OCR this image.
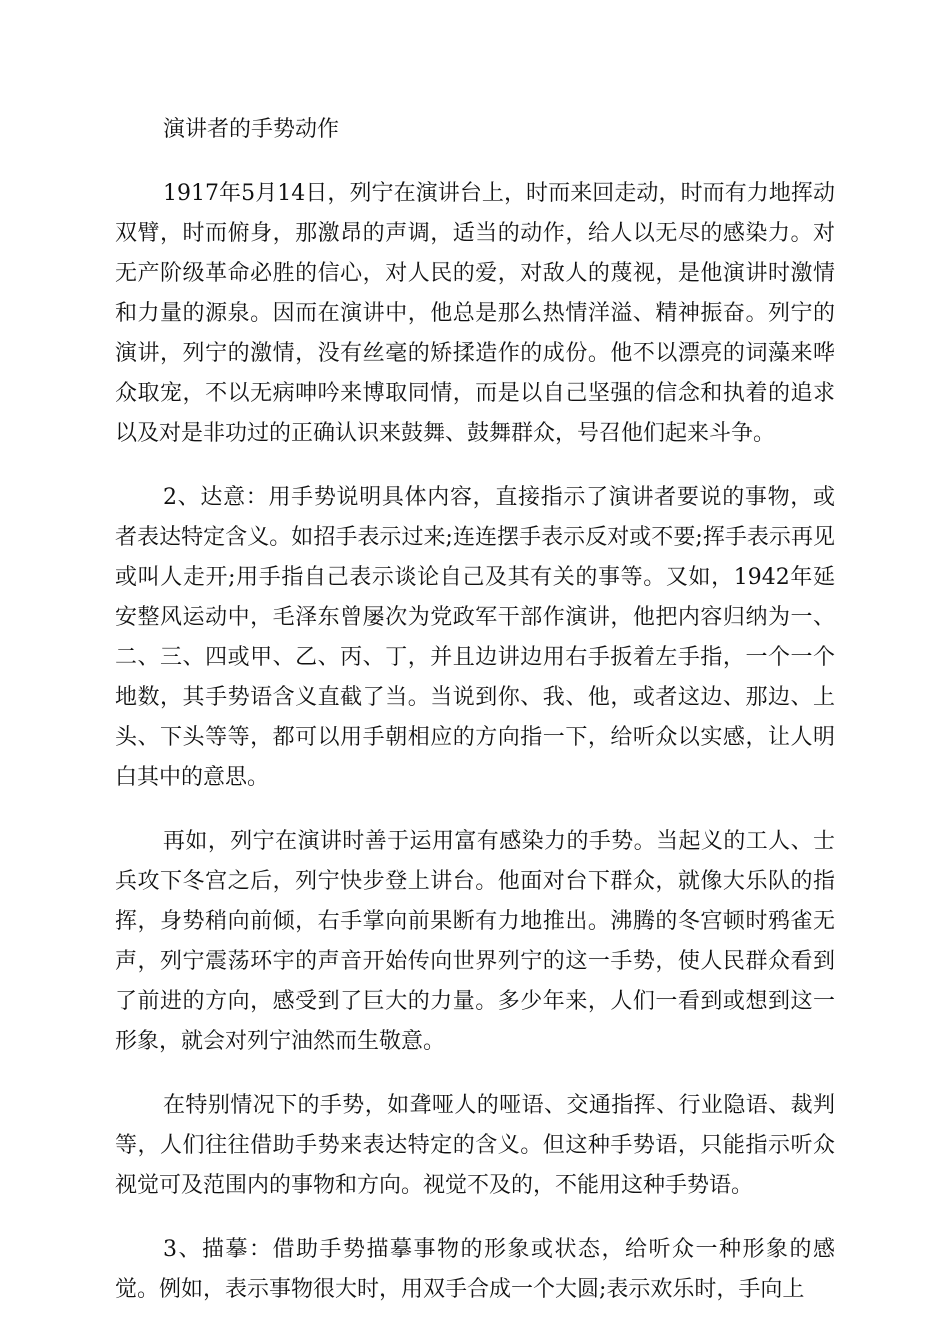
演讲者的手势动作

1917年5月14日，列宁在演讲台上，时而来回走动，时而有力地挥动双臂，时而俯身，那激昂的声调，适当的动作，给人以无尽的感染力。对无产阶级革命必胜的信心，对人民的爱，对敌人的蔑视，是他演讲时激情和力量的源泉。因而在演讲中，他总是那么热情洋溢、精神振奋。列宁的演讲，列宁的激情，没有丝毫的矫揉造作的成份。他不以漂亮的词藻来哗众取宠，不以无病呻吟来博取同情，而是以自己坚强的信念和执着的追求以及对是非功过的正确认识来鼓舞、鼓舞群众，号召他们起来斗争。

2、达意：用手势说明具体内容，直接指示了演讲者要说的事物，或者表达特定含义。如招手表示过来;连连摆手表示反对或不要;挥手表示再见或叫人走开;用手指自己表示谈论自己及其有关的事等。又如，1942年延安整风运动中，毛泽东曾屡次为党政军干部作演讲，他把内容归纳为一、二、三、四或甲、乙、丙、丁，并且边讲边用右手扳着左手指，一个一个地数，其手势语含义直截了当。当说到你、我、他，或者这边、那边、上头、下头等等，都可以用手朝相应的方向指一下，给听众以实感，让人明白其中的意思。

再如，列宁在演讲时善于运用富有感染力的手势。当起义的工人、士兵攻下冬宫之后，列宁快步登上讲台。他面对台下群众，就像大乐队的指挥，身势稍向前倾，右手掌向前果断有力地推出。沸腾的冬宫顿时鸦雀无声，列宁震荡环宇的声音开始传向世界列宁的这一手势，使人民群众看到了前进的方向，感受到了巨大的力量。多少年来，人们一看到或想到这一形象，就会对列宁油然而生敬意。

在特别情况下的手势，如聋哑人的哑语、交通指挥、行业隐语、裁判等，人们往往借助手势来表达特定的含义。但这种手势语，只能指示听众视觉可及范围内的事物和方向。视觉不及的，不能用这种手势语。

3、描摹：借助手势描摹事物的形象或状态，给听众一种形象的感觉。例如，表示事物很大时，用双手合成一个大圆;表示欢乐时，手向上
